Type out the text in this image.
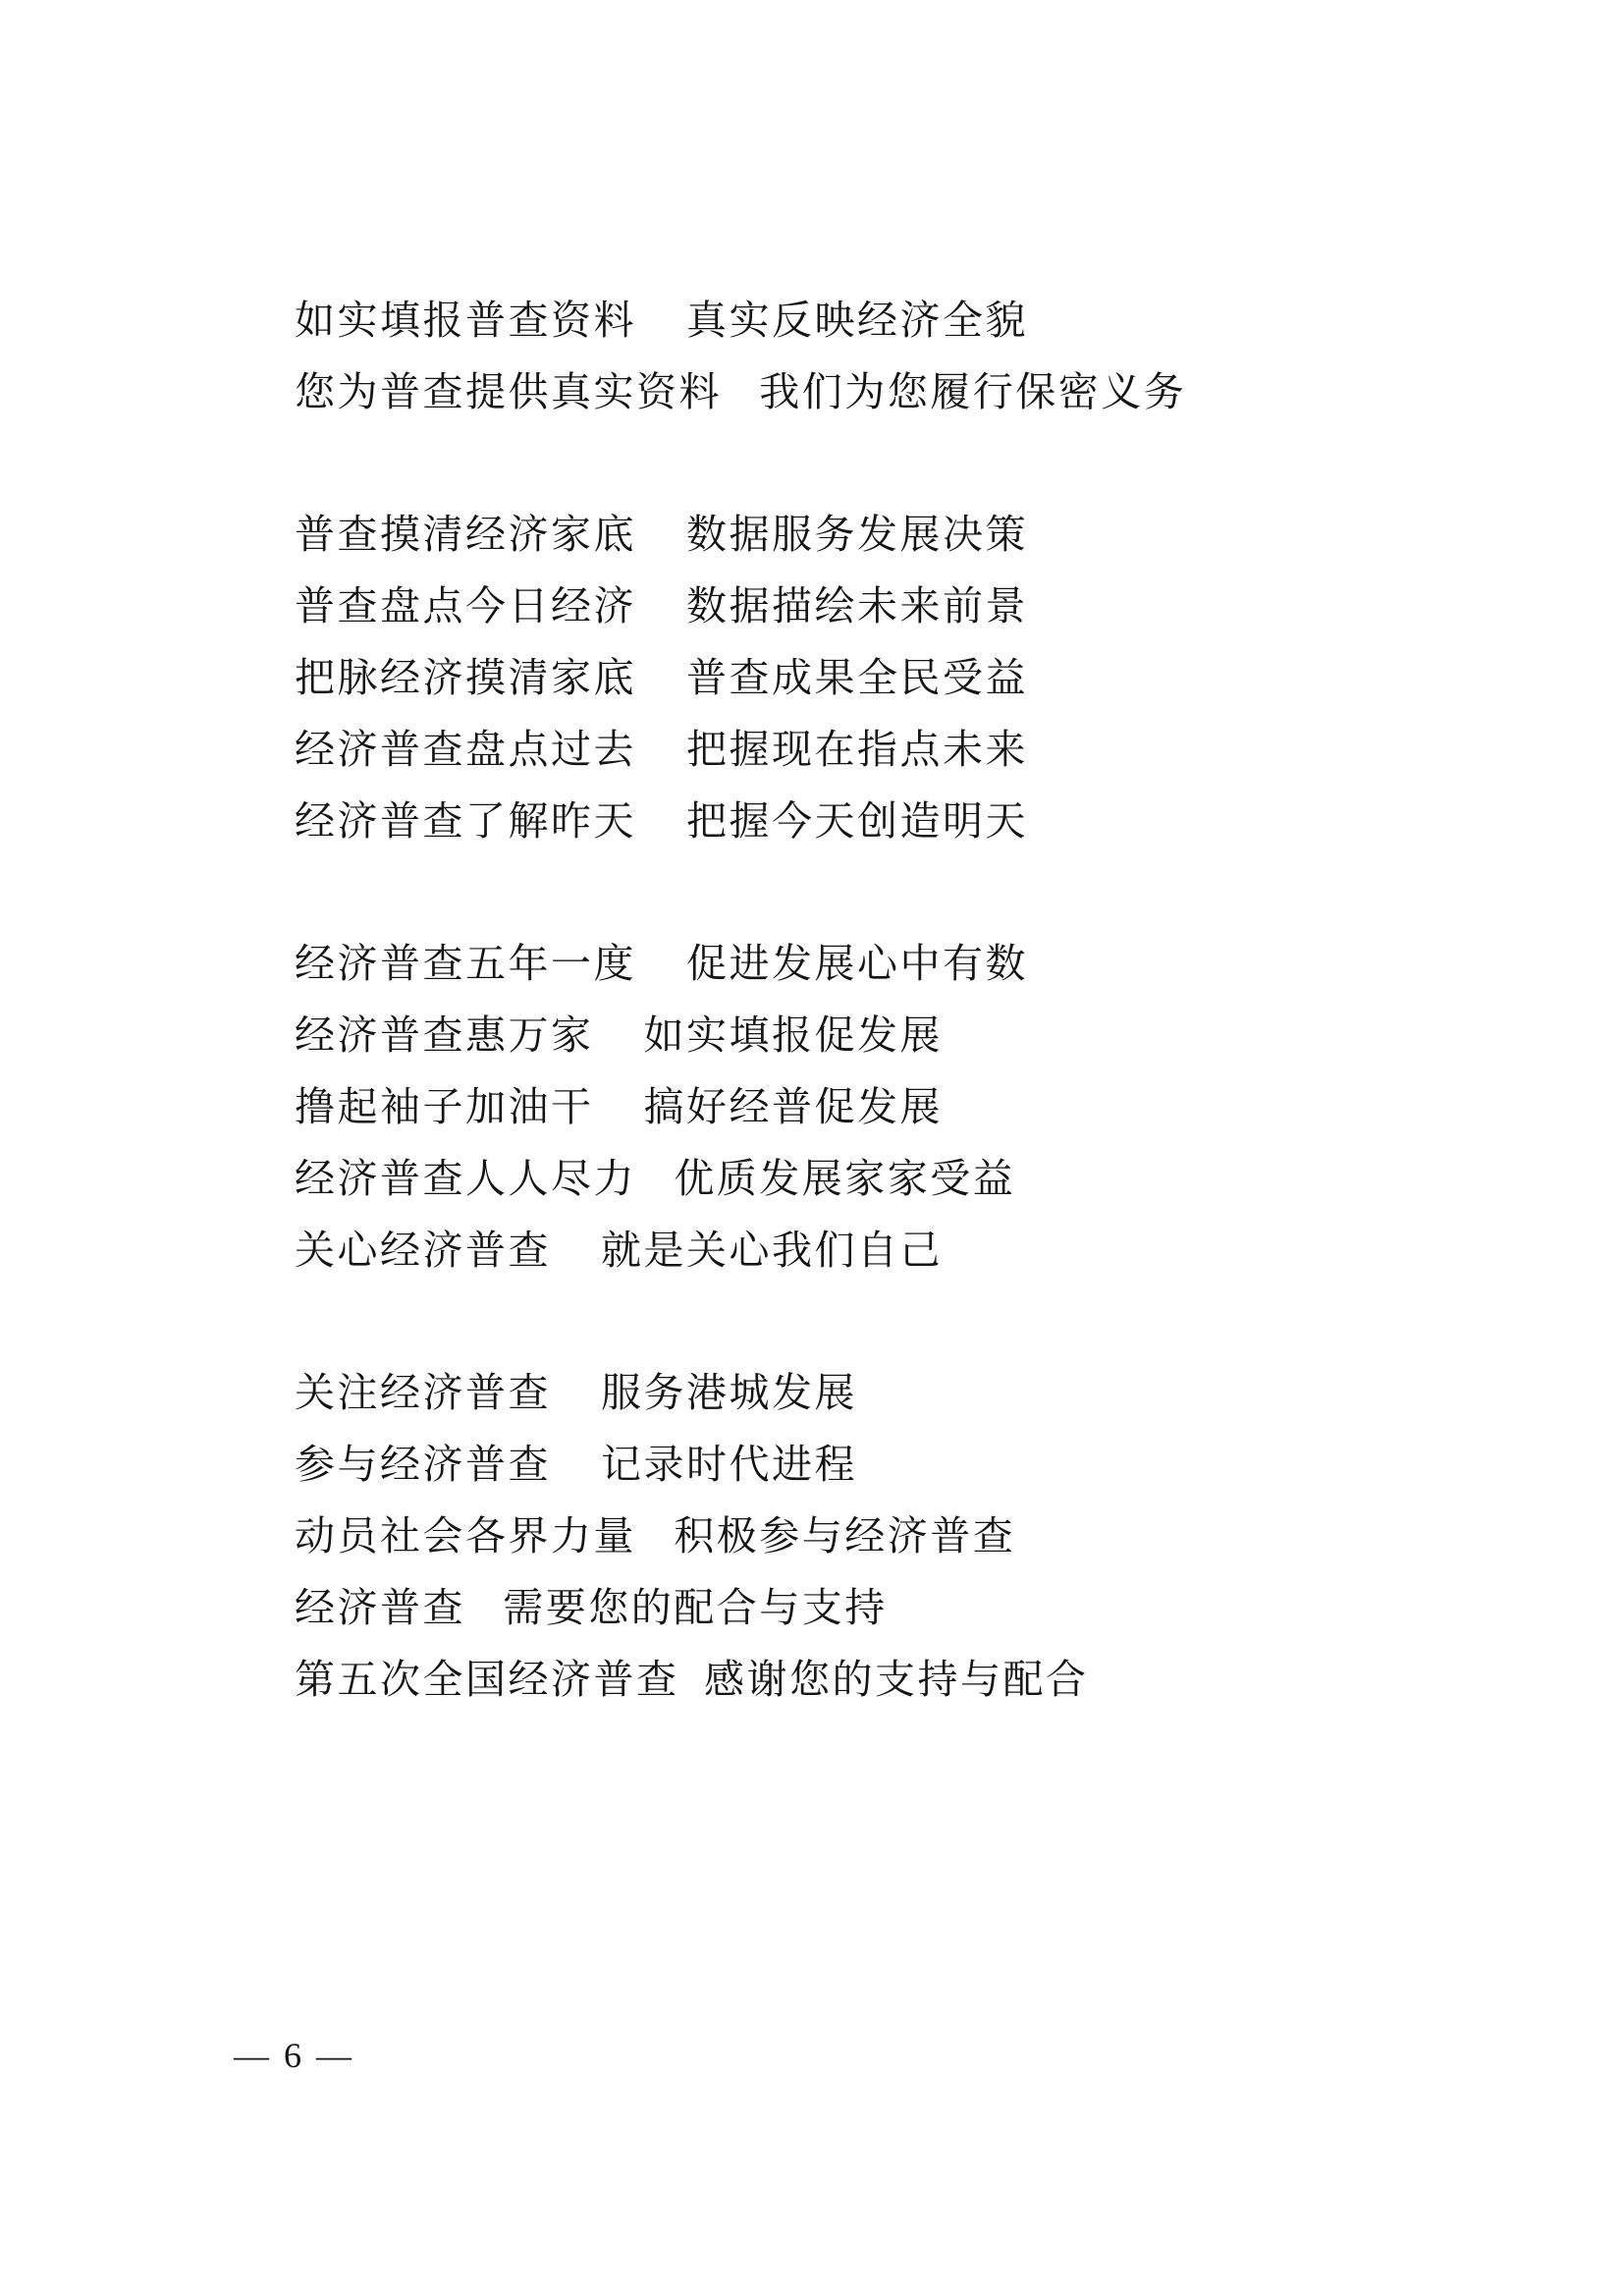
如实填报普查资料    真实反映经济全貌
您为普查提供真实资料   我们为您履行保密义务
普查摸清经济家底    数据服务发展决策
普查盘点今日经济    数据描绘未来前景
把脉经济摸清家底    普查成果全民受益
经济普查盘点过去    把握现在指点未来
经济普查了解昨天    把握今天创造明天
经济普查五年一度    促进发展心中有数
经济普查惠万家    如实填报促发展
撸起袖子加油干    搞好经普促发展
经济普查人人尽力   优质发展家家受益
关心经济普查    就是关心我们自己
关注经济普查    服务港城发展
参与经济普查    记录时代进程
动员社会各界力量   积极参与经济普查
经济普查   需要您的配合与支持
第五次全国经济普查  感谢您的支持与配合
— 6 —
